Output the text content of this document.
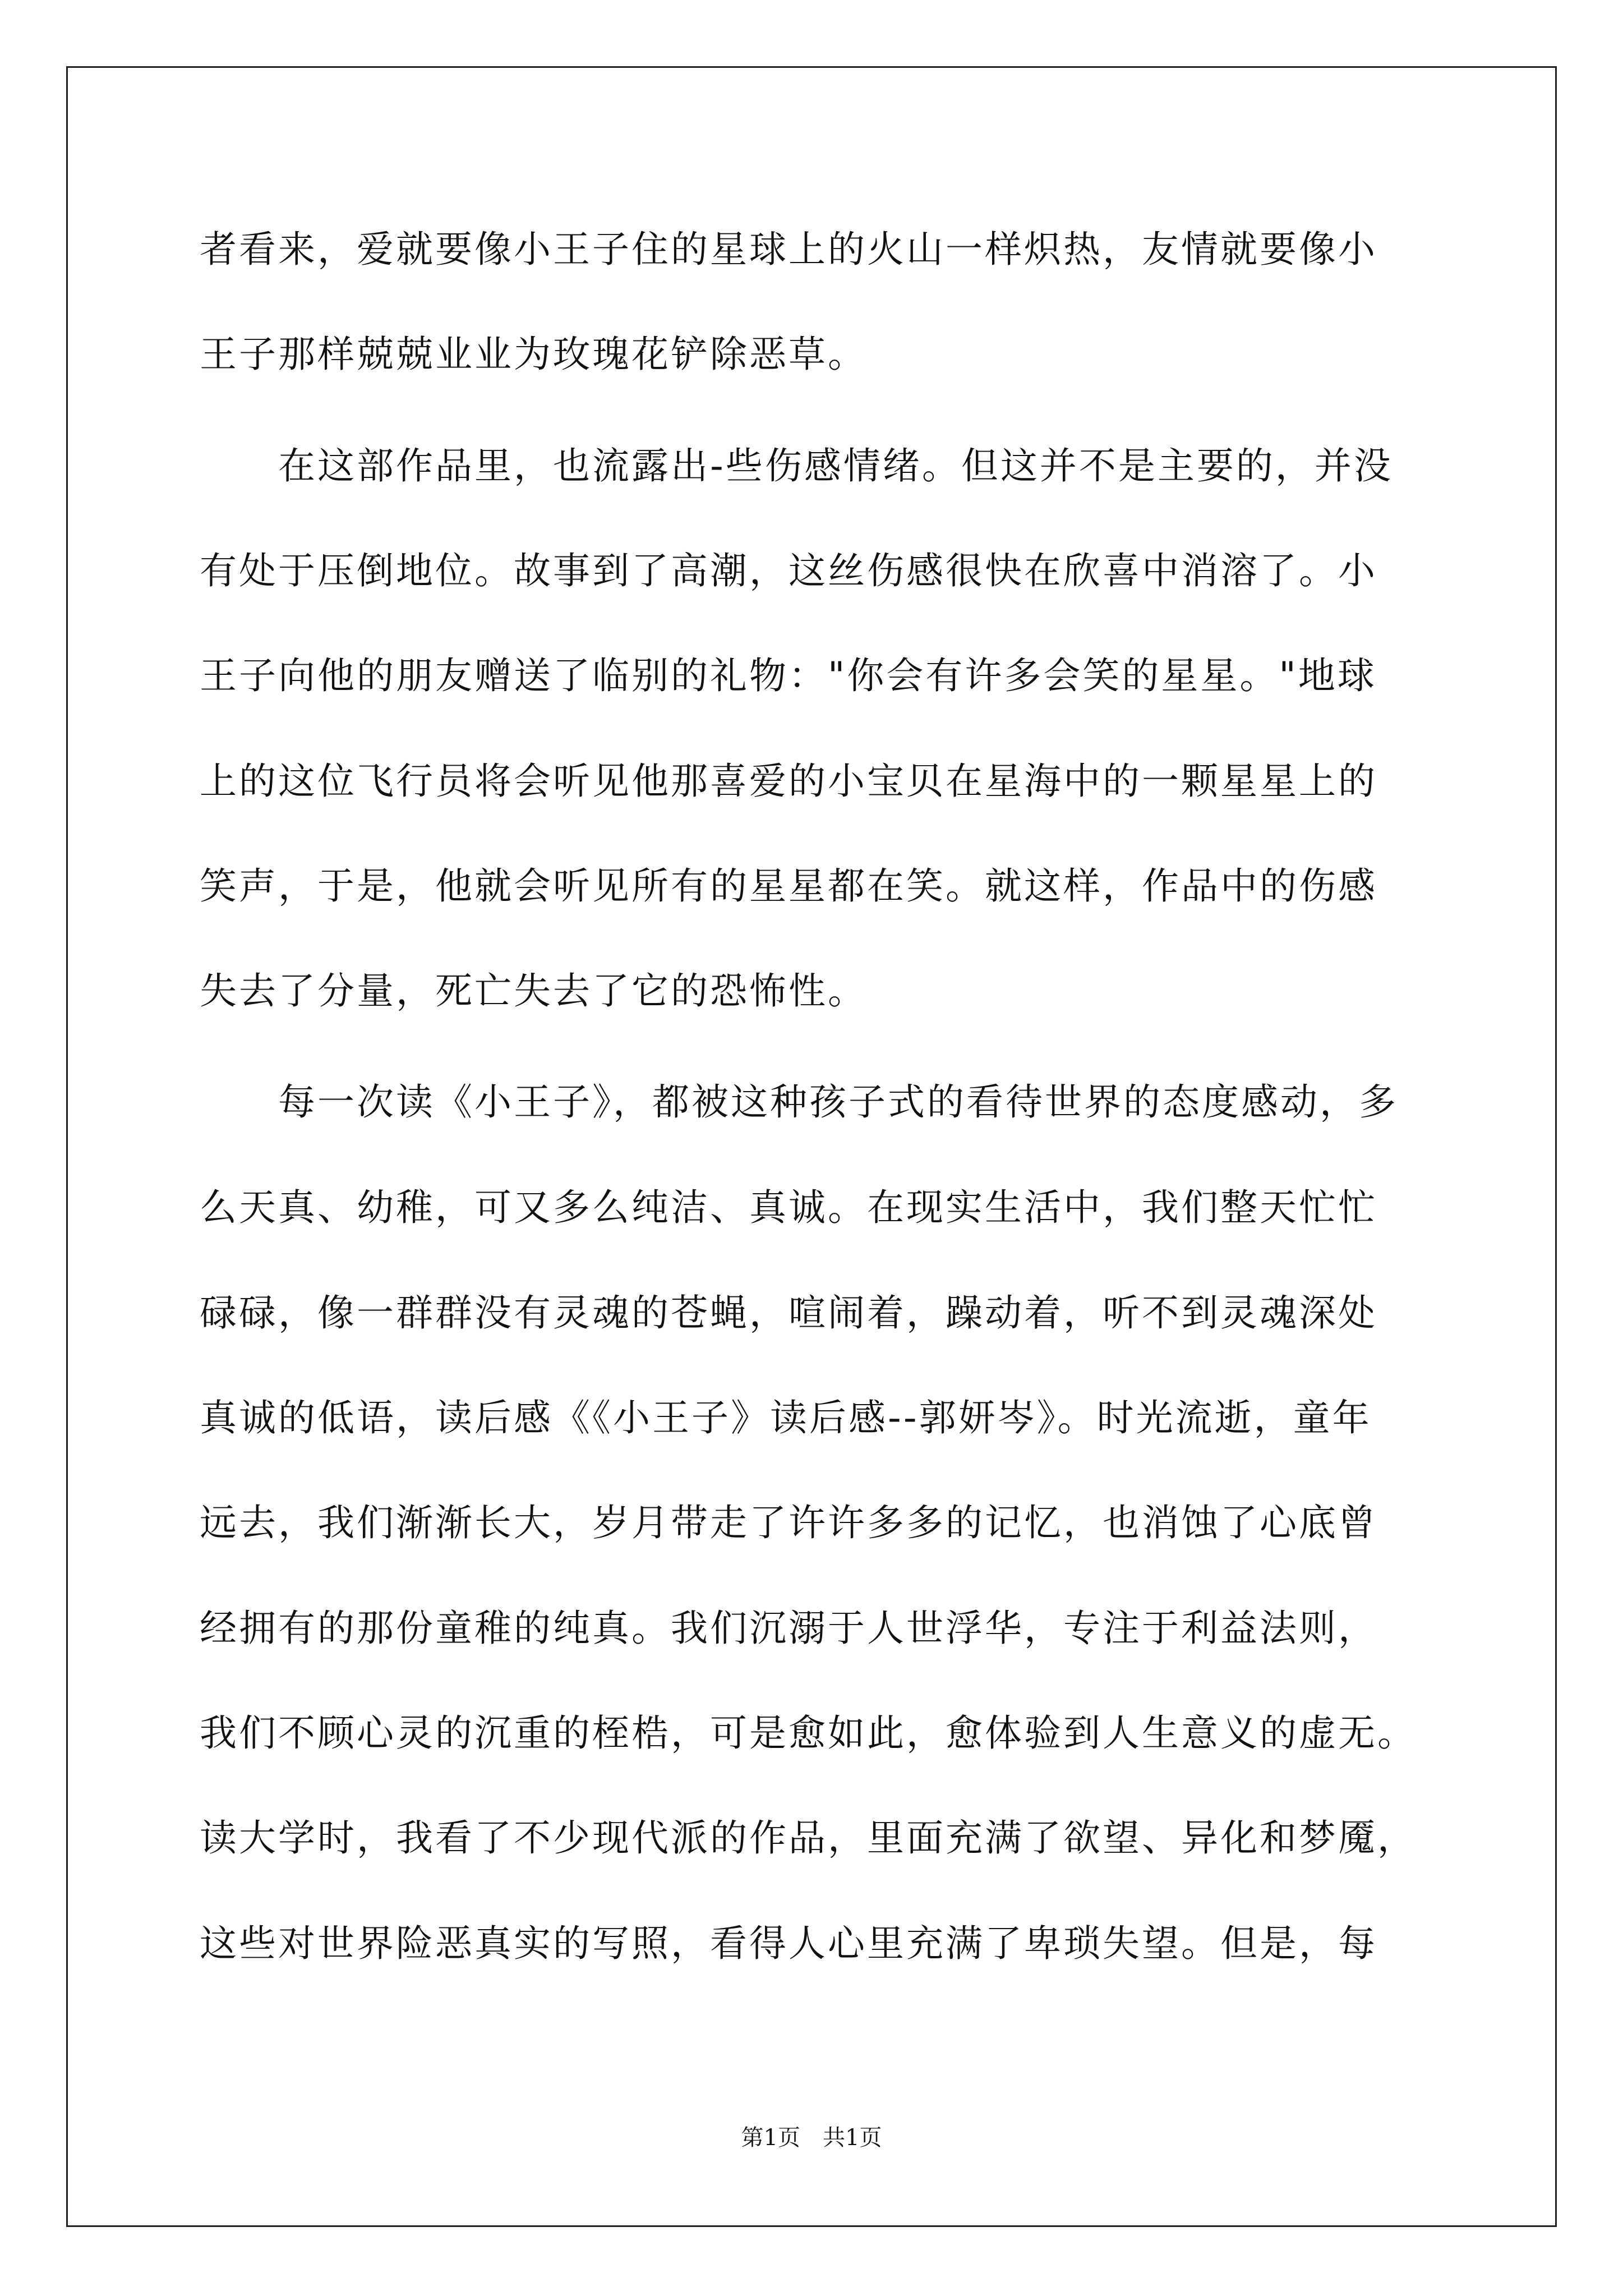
者看来，爱就要像小王子住的星球上的火山一样炽热，友情就要像小
王子那样兢兢业业为玫瑰花铲除恶草。
　　在这部作品里，也流露出-些伤感情绪。但这并不是主要的，并没
有处于压倒地位。故事到了高潮，这丝伤感很快在欣喜中消溶了。小
王子向他的朋友赠送了临别的礼物："你会有许多会笑的星星。"地球
上的这位飞行员将会听见他那喜爱的小宝贝在星海中的一颗星星上的
笑声，于是，他就会听见所有的星星都在笑。就这样，作品中的伤感
失去了分量，死亡失去了它的恐怖性。
　　每一次读《小王子》，都被这种孩子式的看待世界的态度感动，多
么天真、幼稚，可又多么纯洁、真诚。在现实生活中，我们整天忙忙
碌碌，像一群群没有灵魂的苍蝇，喧闹着，躁动着，听不到灵魂深处
真诚的低语，读后感《《小王子》读后感--郭妍岑》。时光流逝，童年
远去，我们渐渐长大，岁月带走了许许多多的记忆，也消蚀了心底曾
经拥有的那份童稚的纯真。我们沉溺于人世浮华，专注于利益法则，
我们不顾心灵的沉重的桎梏，可是愈如此，愈体验到人生意义的虚无。
读大学时，我看了不少现代派的作品，里面充满了欲望、异化和梦魇，
这些对世界险恶真实的写照，看得人心里充满了卑琐失望。但是，每
第1页　共1页
